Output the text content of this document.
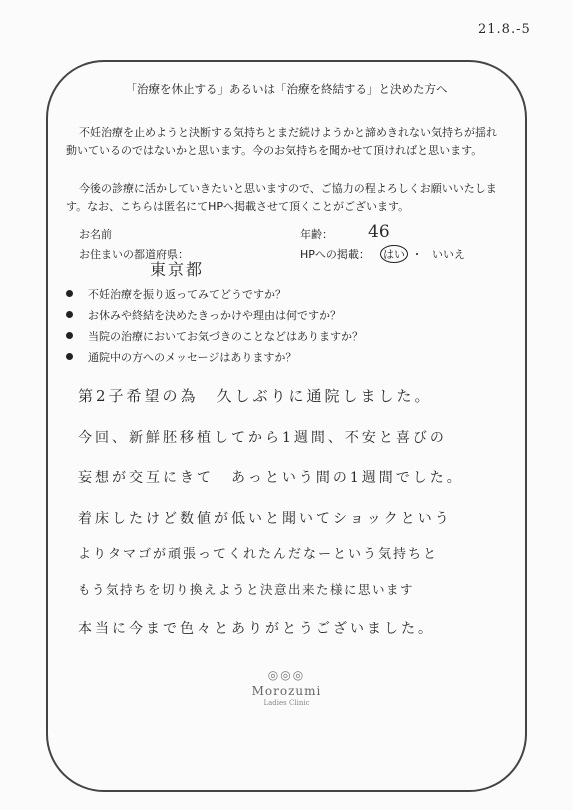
21.8.-5
「治療を休止する」あるいは「治療を終結する」と決めた方へ
不妊治療を止めようと決断する気持ちとまだ続けようかと諦めきれない気持ちが揺れ動いているのではないかと思います。今のお気持ちを聞かせて頂ければと思います。
今後の診療に活かしていきたいと思いますので、ご協力の程よろしくお願いいたします。なお、こちらは匿名にてHPへ掲載させて頂くことがございます。
お名前	年齢： 46
お住まいの都道府県：	HPへの掲載： はい ・ いいえ
東京都
不妊治療を振り返ってみてどうですか？
お休みや終結を決めたきっかけや理由は何ですか？
当院の治療においてお気づきのことなどはありますか？
通院中の方へのメッセージはありますか？
第2子希望の為　久しぶりに通院しました。
今回、新鮮胚移植してから1週間、不安と喜びの
妄想が交互にきて　あっという間の1週間でした。
着床したけど数値が低いと聞いてショックという
よりタマゴが頑張ってくれたんだなーという気持ちと
もう気持ちを切り換えようと決意出来た様に思います
本当に今まで色々とありがとうございました。
◎◎◎
Morozumi
Ladies Clinic
